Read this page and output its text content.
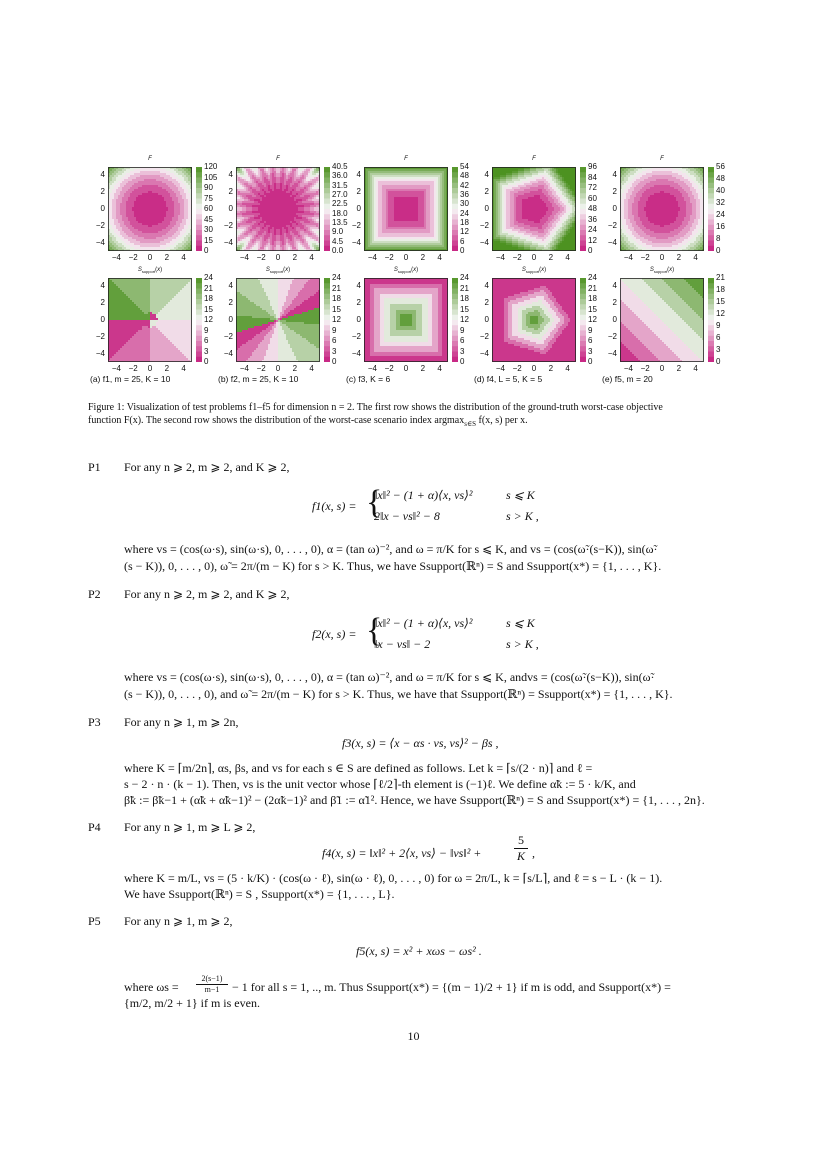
F
4
2
0
−2
−4
−4 −2	0	2	4
120
105
90
75
60
45
30
15
0
$S_{support}(x)$
4
2
0
−2
−4
−4 −2	0	2	4
24
21
18
15
12
9
6
3
0
(a) f1, m = 25, K = 10
F
4
2
0
−2
−4
−4 −2	0	2	4
40.5
36.0
31.5
27.0
22.5
18.0
13.5
9.0
4.5
0.0
$S_{support}(x)$
4
2
0
−2
−4
−4 −2	0	2	4
24
21
18
15
12
9
6
3
0
(b) f2, m = 25, K = 10
F
4
2
0
−2
−4
−4 −2	0	2	4
54
48
42
36
30
24
18
12
6
0
$S_{support}(x)$
4
2
0
−2
−4
−4 −2	0	2	4
24
21
18
15
12
9
6
3
0
(c) f3, K = 6
F
4
2
0
−2
−4
−4 −2	0	2	4
96
84
72
60
48
36
24
12
0
$S_{support}(x)$
4
2
0
−2
−4
−4 −2	0	2	4
24
21
18
15
12
9
6
3
0
(d) f4, L = 5, K = 5
F
4
2
0
−2
−4
−4 −2	0	2	4
56
48
40
32
24
16
8
0
$S_{support}(x)$
4
2
0
−2
−4
−4 −2	0	2	4
21
18
15
12
9
6
3
0
(e) f5, m = 20
Figure 1: Visualization of test problems f1–f5 for dimension n = 2. The first row shows the distribution of the ground-truth worst-case objective
function F(x). The second row shows the distribution of the worst-case scenario index argmax$_{s\in S}$ f(x, s) per x.
P1 For any n ⩾ 2, m ⩾ 2, and K ⩾ 2,
f1(x, s) = {
‖x‖² − (1 + α)⟨x, vs⟩²	s ⩽ K
2‖x − vs‖² − 8	s > K ,
where vs = (cos(ω·s), sin(ω·s), 0, . . . , 0), α = (tan ω)⁻², and ω = π/K for s ⩽ K, and vs = (cos(ω̃·(s−K)), sin(ω̃·
(s − K)), 0, . . . , 0), ω̃ = 2π/(m − K) for s > K. Thus, we have Ssupport(ℝⁿ) = S and Ssupport(x*) = {1, . . . , K}.
P2 For any n ⩾ 2, m ⩾ 2, and K ⩾ 2,
f2(x, s) = {
‖x‖² − (1 + α)⟨x, vs⟩²	s ⩽ K
‖x − vs‖ − 2	s > K ,
where vs = (cos(ω·s), sin(ω·s), 0, . . . , 0), α = (tan ω)⁻², and ω = π/K for s ⩽ K, andvs = (cos(ω̃·(s−K)), sin(ω̃·
(s − K)), 0, . . . , 0), and ω̃ = 2π/(m − K) for s > K. Thus, we have that Ssupport(ℝⁿ) = Ssupport(x*) = {1, . . . , K}.
P3 For any n ⩾ 1, m ⩾ 2n,
f3(x, s) = ⟨x − αs · vs, vs⟩² − βs ,
where K = ⌈m/2n⌉, αs, βs, and vs for each s ∈ S are defined as follows. Let k = ⌈s/(2 · n)⌉ and ℓ =
s − 2 · n · (k − 1). Then, vs is the unit vector whose ⌈ℓ/2⌉-th element is (−1)ℓ. We define α̃k := 5 · k/K, and
β̃k := β̃k−1 + (α̃k + α̃k−1)² − (2α̃k−1)² and β̃1 := α̃1². Hence, we have Ssupport(ℝⁿ) = S and Ssupport(x*) = {1, . . . , 2n}.
P4 For any n ⩾ 1, m ⩾ L ⩾ 2,
f4(x, s) = ‖x‖² + 2⟨x, vs⟩ − ‖vs‖² +	$\frac{5}{K}$ ,
where K = m/L, vs = (5 · k/K) · (cos(ω · ℓ), sin(ω · ℓ), 0, . . . , 0) for ω = 2π/L, k = ⌈s/L⌉, and ℓ = s − L · (k − 1).
We have Ssupport(ℝⁿ) = S , Ssupport(x*) = {1, . . . , L}.
P5 For any n ⩾ 1, m ⩾ 2,
f5(x, s) = x² + xωs − ωs² .
where $\omega s = \frac{2(s-1)}{m-1} - 1$ for all s = 1, .., m. Thus Ssupport(x*) = {(m − 1)/2 + 1} if m is odd, and Ssupport(x*) =
{m/2, m/2 + 1} if m is even.
10
